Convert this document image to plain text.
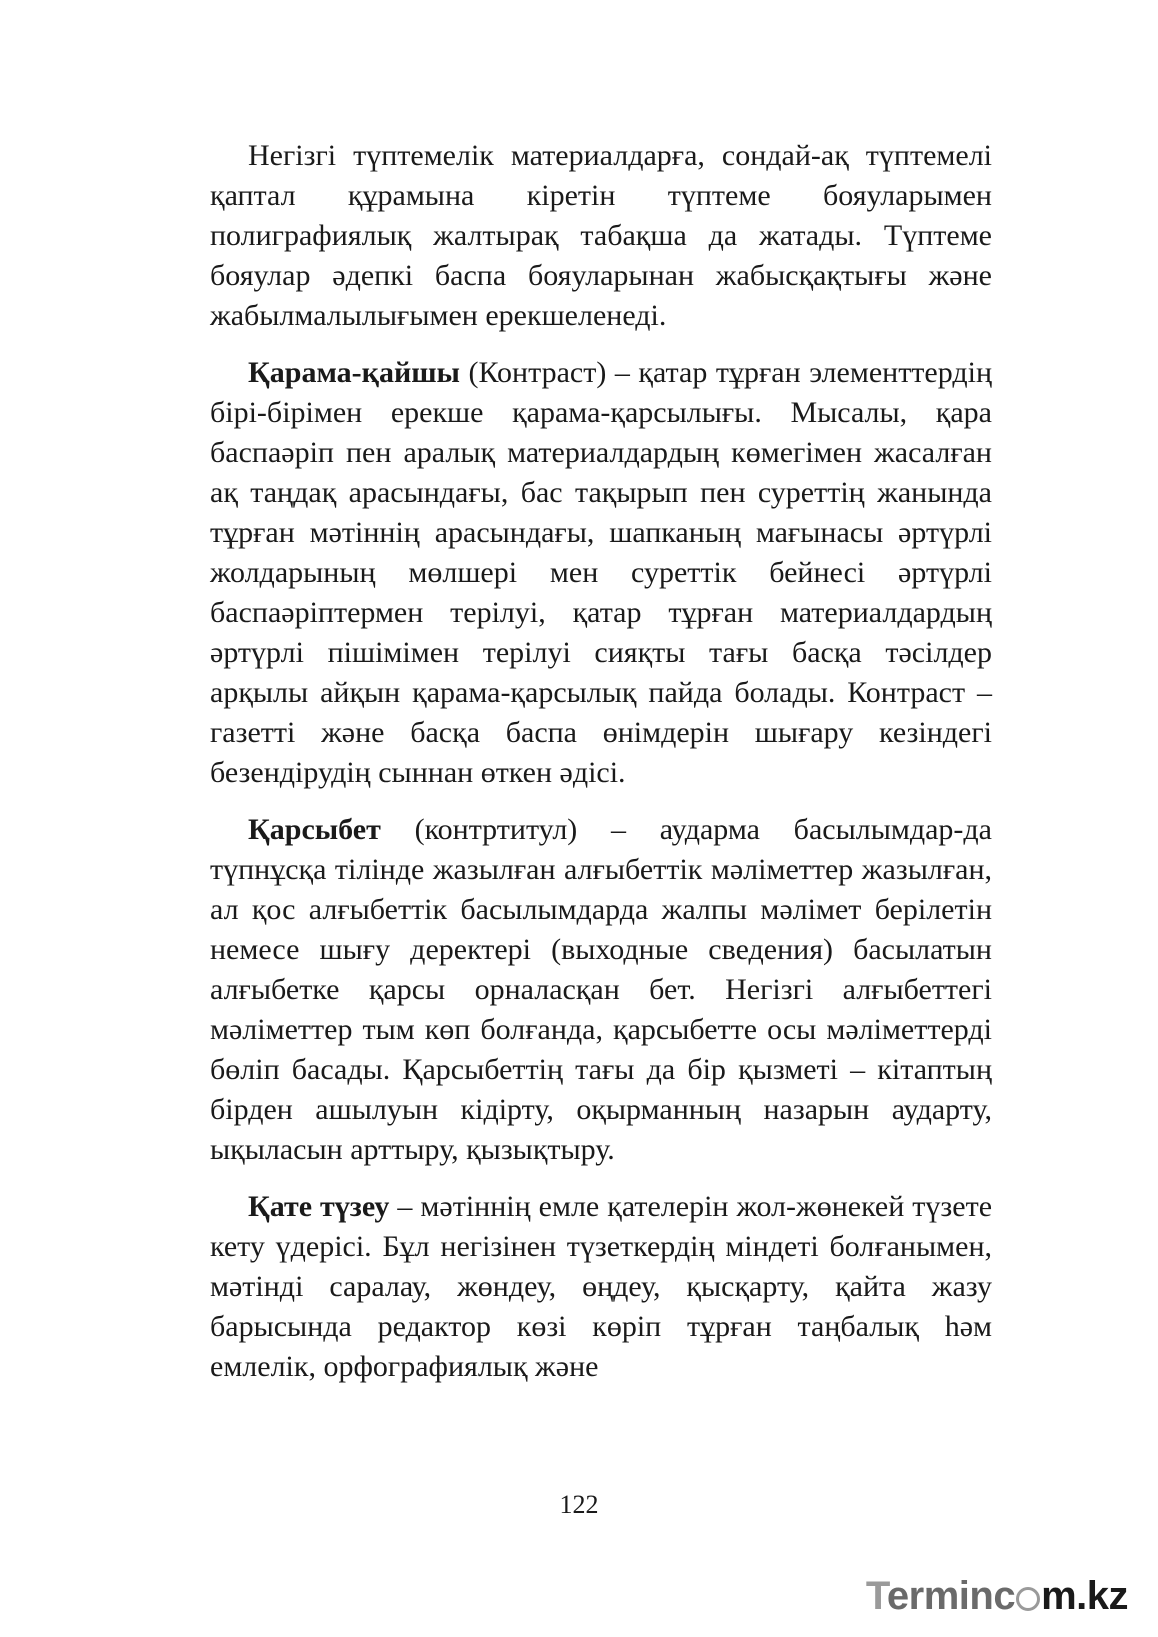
Негізгі түптемелік материалдарға, сондай-ақ түптемелі қаптал құрамына кіретін түптеме бояуларымен полиграфиялық жалтырақ табақша да жатады. Түптеме бояулар әдепкі баспа бояуларынан жабысқақтығы және жабылмалылығымен ерекшеленеді.

Қарама-қайшы (Контраст) – қатар тұрған элементтердің бірі-бірімен ерекше қарама-қарсылығы. Мысалы, қара баспаәріп пен аралық материалдардың көмегімен жасалған ақ таңдақ арасындағы, бас тақырып пен суреттің жанында тұрған мәтіннің арасындағы, шапканың мағынасы әртүрлі жолдарының мөлшері мен суреттік бейнесі әртүрлі баспаәріптермен терілуі, қатар тұрған материалдардың әртүрлі пішімімен терілуі сияқты тағы басқа тәсілдер арқылы айқын қарама-қарсылық пайда болады. Контраст – газетті және басқа баспа өнімдерін шығару кезіндегі безендірудің сыннан өткен әдісі.

Қарсыбет (контртитул) – аударма басылымдар-да түпнұсқа тілінде жазылған алғыбеттік мәліметтер жазылған, ал қос алғыбеттік басылымдарда жалпы мәлімет берілетін немесе шығу деректері (выходные сведения) басылатын алғыбетке қарсы орналасқан бет. Негізгі алғыбеттегі мәліметтер тым көп болғанда, қарсыбетте осы мәліметтерді бөліп басады. Қарсыбеттің тағы да бір қызметі – кітаптың бірден ашылуын кідірту, оқырманның назарын аударту, ықыласын арттыру, қызықтыру.

Қате түзеу – мәтіннің емле қателерін жол-жөнекей түзете кету үдерісі. Бұл негізінен түзеткердің міндеті болғанымен, мәтінді саралау, жөндеу, өңдеу, қысқарту, қайта жазу барысында редактор көзі көріп тұрған таңбалық һәм емлелік, орфографиялық және

122
Terminc m.kz
